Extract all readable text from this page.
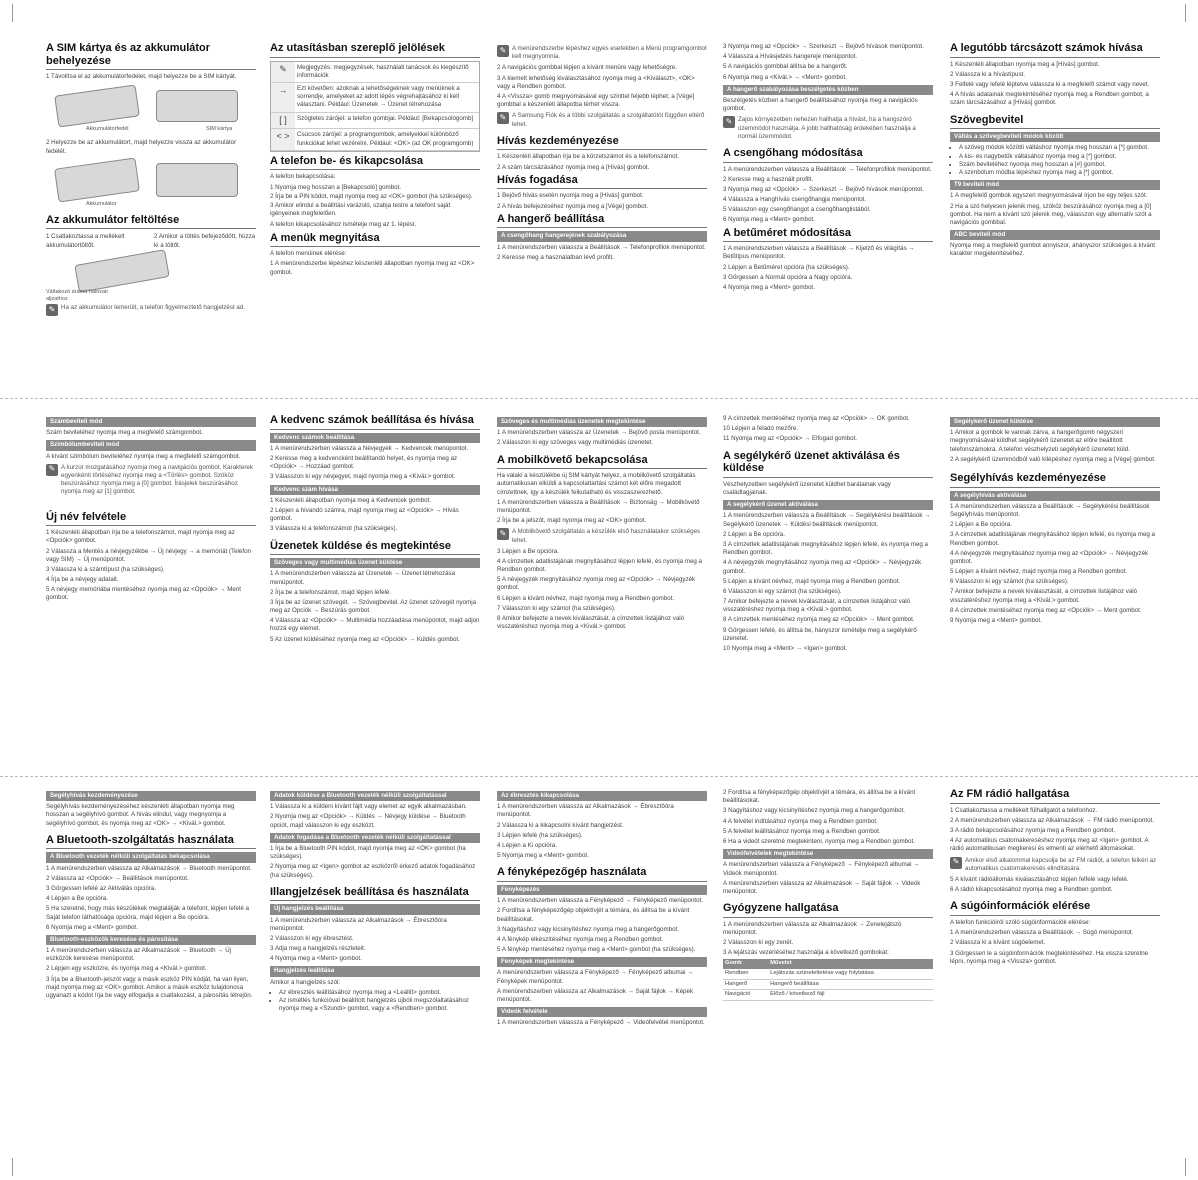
A SIM kártya és az akkumulátor behelyezése

1 Távolítsa el az akkumulátorfedelet, majd helyezze be a SIM kártyát.

Akkumulátorfedél	SIM kártya

2 Helyezze be az akkumulátort, majd helyezze vissza az akkumulátor fedelét.

Akkumulátor
Az akkumulátor feltöltése

1 Csatlakoztassa a mellékelt akkumulátortöltőt.

2 Amikor a töltés befejeződött, húzza ki a töltőt.

Váltakozó áramú hálózati aljzathoz
✎ Ha az akkumulátor lemerült, a telefon figyelmeztető hangjelzést ad.
Az utasításban szereplő jelölések
✎	Megjegyzés: megjegyzések, használati tanácsok és kiegészítő információk
→	Ezt követően: azoknak a lehetőségeknek vagy menüknek a sorrendje, amelyeket az adott lépés végrehajtásához ki kell választani. Például: Üzenetek → Üzenet létrehozása
[ ]	Szögletes zárójel: a telefon gombjai. Például: [Bekapcsológomb]
< >	Csúcsos zárójel: a programgombok, amelyekkel különböző funkciókat lehet vezérelni. Például: <OK> (az OK programgomb)
A telefon be- és kikapcsolása

A telefon bekapcsolása:

1 Nyomja meg hosszan a [Bekapcsoló] gombot.
2 Írja be a PIN kódot, majd nyomja meg az <OK> gombot (ha szükséges).
3 Amikor elindul a beállítási varázsló, szabja testre a telefont saját igényeinek megfelelően.

A telefon kikapcsolásához ismételje meg az 1. lépést.

A menük megnyitása

A telefon menüinek elérése:

1 A menürendszerbe lépéshez készenléti állapotban nyomja meg az <OK> gombot.

✎ A menürendszerbe lépéshez egyes esetekben a Menü programgombot kell megnyomnia.

2 A navigációs gombbal lépjen a kívánt menüre vagy lehetőségre.

3 A kiemelt lehetőség kiválasztásához nyomja meg a <Kiválaszt>, <OK> vagy a Rendben gombot.

4 A <Vissza> gomb megnyomásával egy szinttel feljebb léphet; a [Vége] gombbal a készenléti állapotba térhet vissza.

✎ A Samsung Fiók és a többi szolgáltatás a szolgáltatótól függően eltérő lehet.
Hívás kezdeményezése

1 Készenléti állapotban írja be a körzetszámot és a telefonszámot.

2 A szám tárcsázásához nyomja meg a [Hívás] gombot.

Hívás fogadása

1 Bejövő hívás esetén nyomja meg a [Hívás] gombot.

2 A hívás befejezéséhez nyomja meg a [Vége] gombot.

A hangerő beállítása
A csengőhang hangerejének szabályozása

1 A menürendszerben válassza a Beállítások → Telefonprofilok menüpontot.

2 Keresse meg a használatban lévő profilt.

3 Nyomja meg az <Opciók> → Szerkeszt → Bejövő hívások menüpontot.

4 Válassza a Hívásjelzés hangereje menüpontot.

5 A navigációs gombbal állítsa be a hangerőt.

6 Nyomja meg a <Kivál.> → <Ment> gombot.

A hangerő szabályozása beszélgetés közben

Beszélgetés közben a hangerő beállításához nyomja meg a navigációs gombot.

✎ Zajos környezetben nehezen hallhatja a hívást, ha a hangszóró üzemmódot használja. A jobb hallhatóság érdekében használja a normál üzemmódot.
A csengőhang módosítása

1 A menürendszerben válassza a Beállítások → Telefonprofilok menüpontot.

2 Keresse meg a használt profilt.

3 Nyomja meg az <Opciók> → Szerkeszt → Bejövő hívások menüpontot.

4 Válassza a Hanghívás csengőhangja menüpontot.

5 Válasszon egy csengőhangot a csengőhanglistából.

6 Nyomja meg a <Ment> gombot.

A betűméret módosítása

1 A menürendszerben válassza a Beállítások → Kijelző és világítás → Betűtípus menüpontot.

2 Lépjen a Betűméret opcióra (ha szükséges).

3 Görgessen a Normál opcióra a Nagy opcióra.

4 Nyomja meg a <Ment> gombot.

A legutóbb tárcsázott számok hívása

1 Készenléti állapotban nyomja meg a [Hívás] gombot.

2 Válassza ki a hívástípust.

3 Felfelé vagy lefelé léptetve válassza ki a megfelelő számot vagy nevet.

4 A hívás adatainak megtekintéséhez nyomja meg a Rendben gombot, a szám tárcsázásához a [Hívás] gombot.

Szövegbevitel
Váltás a szövegbeviteli módok között
• A szöveg módok közötti váltáshoz nyomja meg hosszan a [*] gombot.
• A kis- és nagybetűk váltásához nyomja meg a [*] gombot.
• Szám beviteléhez nyomja meg hosszan a [#] gombot.
• A szimbólum módba lépéshez nyomja meg a [*] gombot.
T9 beviteli mód

1 A megfelelő gombok egyszeri megnyomásával írjon be egy teljes szót.

2 Ha a szó helyesen jelenik meg, szóköz beszúrásához nyomja meg a [0] gombot. Ha nem a kívánt szó jelenik meg, válasszon egy alternatív szót a navigációs gombbal.

ABC beviteli mód

Nyomja meg a megfelelő gombot annyiszor, ahányszor szükséges a kívánt karakter megjelenítéséhez.

Számbeviteli mód

Szám beviteléhez nyomja meg a megfelelő számgombot.

Szimbólumbeviteli mód

A kívánt szimbólum beviteléhez nyomja meg a megfelelő számgombot.

✎ A kurzor mozgatásához nyomja meg a navigációs gombot. Karakterek egyenkénti törléséhez nyomja meg a <Törlés> gombot. Szóköz beszúrásához nyomja meg a [0] gombot. Írásjelek beszúrásához nyomja meg az [1] gombot.
Új név felvétele

1 Készenléti állapotban írja be a telefonszámot, majd nyomja meg az <Opciók> gombot.

2 Válassza a Mentés a névjegyzékbe → Új névjegy → a memóriát (Telefon vagy SIM) → Új menüpontot.

3 Válassza ki a számtípust (ha szükséges).

4 Írja be a névjegy adatait.

5 A névjegy memóriába mentéséhez nyomja meg az <Opciók> → Ment gombot.

A kedvenc számok beállítása és hívása
Kedvenc számok beállítása

1 A menürendszerben válassza a Névjegyek → Kedvencek menüpontot.

2 Keresse meg a kedvencként beállítandó helyet, és nyomja meg az <Opciók> → Hozzáad gombot.

3 Válasszon ki egy névjegyet, majd nyomja meg a <Kivál.> gombot.

Kedvenc szám hívása

1 Készenléti állapotban nyomja meg a Kedvencek gombot.

2 Lépjen a hívandó számra, majd nyomja meg az <Opciók> → Hívás gombot.

3 Válassza ki a telefonszámot (ha szükséges).

Üzenetek küldése és megtekintése
Szöveges vagy multimédiás üzenet küldése

1 A menürendszerben válassza az Üzenetek → Üzenet létrehozása menüpontot.

2 Írja be a telefonszámot, majd lépjen lefelé.

3 Írja be az üzenet szövegét. → Szövegbevitel. Az üzenet szövegét nyomja meg az Opciók → Beszúrás gombot.

4 Válassza az <Opciók> → Multimédia hozzáadása menüpontot, majd adjon hozzá egy elemet.

5 Az üzenet küldéséhez nyomja meg az <Opciók> → Küldés gombot.

Szöveges és multimédiás üzenetek megtekintése

1 A menürendszerben válassza az Üzenetek → Bejövő posta menüpontot.

2 Válasszon ki egy szöveges vagy multimédiás üzenetet.

A mobilkövető bekapcsolása

Ha valaki a készülékbe új SIM kártyát helyez, a mobilkövető szolgáltatás automatikusan elküldi a kapcsolattartási számot két előre megadott címzettnek, így a készülék felkutatható és visszaszerezhető.

1 A menürendszerben válassza a Beállítások → Biztonság → Mobilkövető menüpontot.

2 Írja be a jelszót, majd nyomja meg az <OK> gombot.

✎ A Mobilkövető szolgáltatás a készülék első használatakor szükséges lehet.

3 Lépjen a Be opcióra.

4 A címzettek adatlistájának megnyitásához lépjen lefelé, és nyomja meg a Rendben gombot.

5 A névjegyzék megnyitásához nyomja meg az <Opciók> → Névjegyzék gombot.

6 Lépjen a kívánt névhez, majd nyomja meg a Rendben gombot.

7 Válasszon ki egy számot (ha szükséges).

8 Amikor befejezte a nevek kiválasztását, a címzettek listájához való visszatéréshez nyomja meg a <Kivál.> gombot.

9 A címzettek mentéséhez nyomja meg az <Opciók> → OK gombot.

10 Lépjen a feladó mezőre.

11 Nyomja meg az <Opciók> → Elfogad gombot.

A segélykérő üzenet aktiválása és küldése

Vészhelyzetben segélykérő üzenetet küldhet barátainak vagy családtagjainak.

A segélykérő üzenet aktiválása

1 A menürendszerben válassza a Beállítások → Segélykérési beállítások → Segélykérő üzenetek → Küldési beállítások menüpontot.

2 Lépjen a Be opcióra.

3 A címzettek adatlistájának megnyitásához lépjen lefelé, és nyomja meg a Rendben gombot.

4 A névjegyzék megnyitásához nyomja meg az <Opciók> → Névjegyzék gombot.

5 Lépjen a kívánt névhez, majd nyomja meg a Rendben gombot.

6 Válasszon ki egy számot (ha szükséges).

7 Amikor befejezte a nevek kiválasztását, a címzettek listájához való visszatéréshez nyomja meg a <Kivál.> gombot.

8 A címzettek mentéséhez nyomja meg az <Opciók> → Ment gombot.

9 Görgessen lefelé, és állítsa be, hányszor ismételje meg a segélykérő üzenetet.

10 Nyomja meg a <Ment> → <Igen> gombot.

Segélykérő üzenet küldése

1 Amikor a gombok le vannak zárva, a hangerőgomb négyszeri megnyomásával küldhet segélykérő üzenetet az előre beállított telefonszámokra. A telefon vészhelyzeti segélykérő üzenetet küld.

2 A segélykérő üzemmódból való kilépéshez nyomja meg a [Vége] gombot.

Segélyhívás kezdeményezése
A segélyhívás aktiválása

1 A menürendszerben válassza a Beállítások → Segélykérési beállítások Segélyhívás menüpontot.

2 Lépjen a Be opcióra.

3 A címzettek adatlistájának megnyitásához lépjen lefelé, és nyomja meg a Rendben gombot.

4 A névjegyzék megnyitásához nyomja meg az <Opciók> → Névjegyzék gombot.

5 Lépjen a kívánt névhez, majd nyomja meg a Rendben gombot.

6 Válasszon ki egy számot (ha szükséges).

7 Amikor befejezte a nevek kiválasztását, a címzettek listájához való visszatéréshez nyomja meg a <Kivál.> gombot.

8 A címzettek mentéséhez nyomja meg az <Opciók> → Ment gombot.

9 Nyomja meg a <Ment> gombot.

Segélyhívás kezdeményezése

Segélyhívás kezdeményezéséhez készenléti állapotban nyomja meg hosszan a segélyhívó gombot. A hívás elindul, vagy megnyomja a segélyhívó gombot, és nyomja meg az <OK> → <Kivál.> gombot.

A Bluetooth-szolgáltatás használata
A Bluetooth vezeték nélküli szolgáltatás bekapcsolása

1 A menürendszerben válassza az Alkalmazások → Bluetooth menüpontot.

2 Válassza az <Opciók> → Beállítások menüpontot.

3 Görgessen lefelé az Aktiválás opcióra.

4 Lépjen a Be opcióra.

5 Ha szeretné, hogy más készülékek megtalálják a telefont, lépjen lefelé a Saját telefon láthatósága opcióra, majd lépjen a Be opcióra.

6 Nyomja meg a <Ment> gombot.

Bluetooth-eszközök keresése és párosítása

1 A menürendszerben válassza az Alkalmazások → Bluetooth → Új eszközök keresése menüpontot.

2 Lépjen egy eszközre, és nyomja meg a <Kivál.> gombot.

3 Írja be a Bluetooth-jelszót vagy a másik eszköz PIN kódját, ha van ilyen, majd nyomja meg az <OK> gombot. Amikor a másik eszköz tulajdonosa ugyanazt a kódot írja be vagy elfogadja a csatlakozást, a párosítás létrejön.

Adatok küldése a Bluetooth vezeték nélküli szolgáltatással

1 Válassza ki a küldeni kívánt fájlt vagy elemet az egyik alkalmazásban.

2 Nyomja meg az <Opciók> → Küldés → Névjegy küldése → Bluetooth opciót, majd válasszon ki egy eszközt.

Adatok fogadása a Bluetooth vezeték nélküli szolgáltatással

1 Írja be a Bluetooth PIN kódot, majd nyomja meg az <OK> gombot (ha szükséges).

2 Nyomja meg az <Igen> gombot az eszközről érkező adatok fogadásához (ha szükséges).

Illangjelzések beállítása és használata
Új hangjelzés beállítása

1 A menürendszerben válassza az Alkalmazások → Ébresztőóra menüpontot.

2 Válasszon ki egy ébresztést.

3 Adja meg a hangjelzés részleteit.

4 Nyomja meg a <Ment> gombot.

Hangjelzés leállítása

Amikor a hangjelzés szól:

• Az ébresztés leállításához nyomja meg a <Leállít> gombot.
• Az ismétlés funkcióval beállított hangjelzés újbóli megszólaltatásához nyomja meg a <Szundi> gombot, vagy a <Rendben> gombot.
Az ébresztés kikapcsolása

1 A menürendszerben válassza az Alkalmazások → Ébresztőóra menüpontot.

2 Válassza ki a kikapcsolni kívánt hangjelzést.

3 Lépjen lefelé (ha szükséges).

4 Lépjen a Ki opcióra.

5 Nyomja meg a <Ment> gombot.

A fényképezőgép használata
Fényképezés

1 A menürendszerben válassza a Fényképező → Fényképező menüpontot.

2 Fordítsa a fényképezőgép objektívjét a témára, és állítsa be a kívánt beállításokat.

3 Nagyításhoz vagy kicsinyítéshez nyomja meg a hangerőgombot.

4 A fénykép elkészítéséhez nyomja meg a Rendben gombot.

5 A fénykép mentéséhez nyomja meg a <Ment> gombot (ha szükséges).

Fényképek megtekintése

A menürendszerben válassza a Fényképező → Fényképező albumai → Fényképek menüpontot.

A menürendszerben válassza az Alkalmazások → Saját fájlok → Képek menüpontot.

Videók felvétele

1 A menürendszerben válassza a Fényképező → Videófelvétel menüpontot.

2 Fordítsa a fényképezőgép objektívjét a témára, és állítsa be a kívánt beállításokat.

3 Nagyításhoz vagy kicsinyítéshez nyomja meg a hangerőgombot.

4 A felvétel indításához nyomja meg a Rendben gombot.

5 A felvétel leállításához nyomja meg a Rendben gombot.

6 Ha a videót szeretné megtekinteni, nyomja meg a Rendben gombot.

Videófelvételek megtekintése

A menürendszerben válassza a Fényképező → Fényképező albumai → Videók menüpontot.

A menürendszerben válassza az Alkalmazások → Saját fájlok → Videók menüpontot.

Gyógyzene hallgatása

1 A menürendszerben válassza az Alkalmazások → Zenelejátszó menüpontot.

2 Válasszon ki egy zenét.

3 A lejátszás vezérléséhez használja a következő gombokat:

Gomb	Művelet
Rendben	Lejátszás szüneteltetése vagy folytatása
Hangerő	Hangerő beállítása
Navigáció	Előző / következő fájl
Az FM rádió hallgatása

1 Csatlakoztassa a mellékelt fülhallgatót a telefonhoz.

2 A menürendszerben válassza az Alkalmazások → FM rádió menüpontot.

3 A rádió bekapcsolásához nyomja meg a Rendben gombot.

4 Az automatikus csatornakereséshez nyomja meg az <Igen> gombot. A rádió automatikusan megkeresi és elmenti az elérhető állomásokat.

✎ Amikor első alkalommal kapcsolja be az FM rádiót, a telefon felkéri az automatikus csatornakeresés elindítására.

5 A kívánt rádióállomás kiválasztásához lépjen felfelé vagy lefelé.

6 A rádió kikapcsolásához nyomja meg a Rendben gombot.

A súgóinformációk elérése

A telefon funkcióiról szóló súgóinformációk elérése:

1 A menürendszerben válassza a Beállítások → Súgó menüpontot.

2 Válassza ki a kívánt súgóelemet.

3 Görgessen le a súgóinformációk megtekintéséhez. Ha vissza szeretne lépni, nyomja meg a <Vissza> gombot.
